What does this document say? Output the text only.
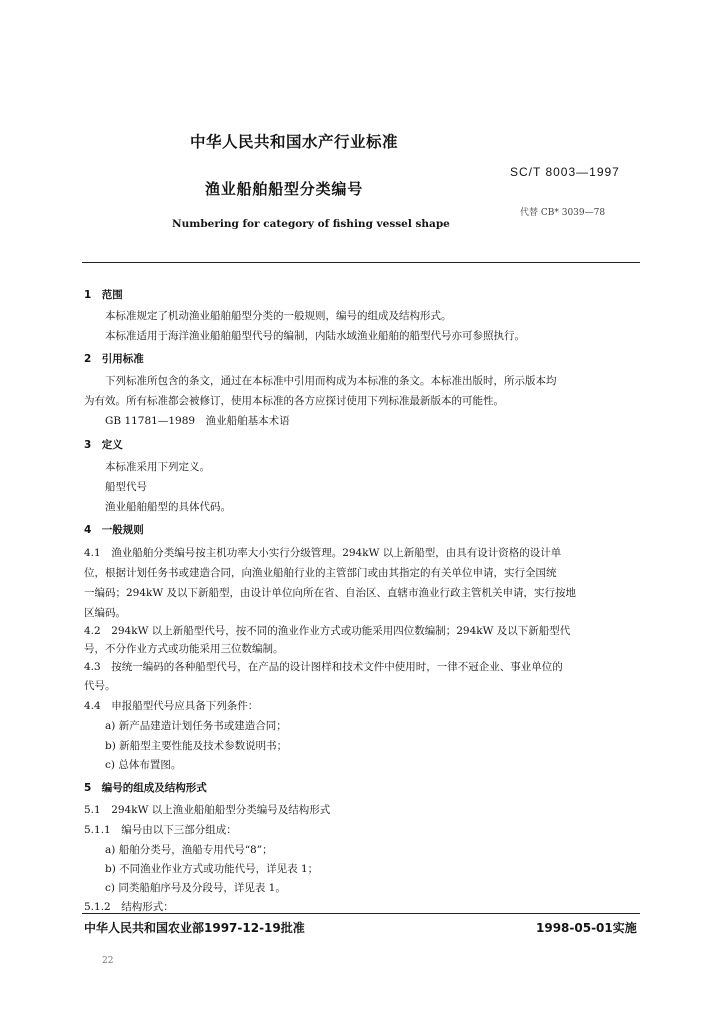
中华人民共和国水产行业标准
SC/T 8003—1997
渔业船舶船型分类编号
代替 CB* 3039—78
Numbering for category of fishing vessel shape
1　范围
本标准规定了机动渔业船舶船型分类的一般规则，编号的组成及结构形式。
本标准适用于海洋渔业船舶船型代号的编制，内陆水域渔业船舶的船型代号亦可参照执行。
2　引用标准
下列标准所包含的条文，通过在本标准中引用而构成为本标准的条文。本标准出版时，所示版本均
为有效。所有标准都会被修订，使用本标准的各方应探讨使用下列标准最新版本的可能性。
GB 11781—1989　渔业船舶基本术语
3　定义
本标准采用下列定义。
船型代号
渔业船舶船型的具体代码。
4　一般规则
4.1　渔业船舶分类编号按主机功率大小实行分级管理。294kW 以上新船型，由具有设计资格的设计单
位，根据计划任务书或建造合同，向渔业船舶行业的主管部门或由其指定的有关单位申请，实行全国统
一编码；294kW 及以下新船型，由设计单位向所在省、自治区、直辖市渔业行政主管机关申请，实行按地
区编码。
4.2　294kW 以上新船型代号，按不同的渔业作业方式或功能采用四位数编制；294kW 及以下新船型代
号，不分作业方式或功能采用三位数编制。
4.3　按统一编码的各种船型代号，在产品的设计图样和技术文件中使用时，一律不冠企业、事业单位的
代号。
4.4　申报船型代号应具备下列条件：
a) 新产品建造计划任务书或建造合同；
b) 新船型主要性能及技术参数说明书；
c) 总体布置图。
5　编号的组成及结构形式
5.1　294kW 以上渔业船舶船型分类编号及结构形式
5.1.1　编号由以下三部分组成：
a) 船舶分类号，渔船专用代号“8”；
b) 不同渔业作业方式或功能代号，详见表 1；
c) 同类船舶序号及分段号，详见表 1。
5.1.2　结构形式：
中华人民共和国农业部1997-12-19批准	1998-05-01实施
22
